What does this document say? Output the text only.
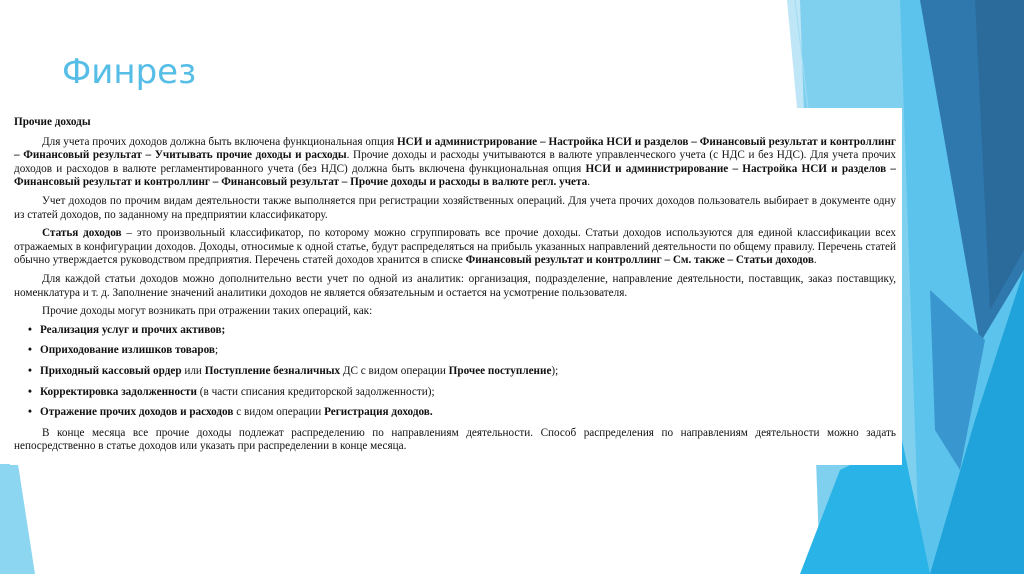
Финрез

Прочие доходы

Для учета прочих доходов должна быть включена функциональная опция НСИ и администрирование – Настройка НСИ и разделов – Финансовый результат и контроллинг – Финансовый результат – Учитывать прочие доходы и расходы. Прочие доходы и расходы учитываются в валюте управленческого учета (с НДС и без НДС). Для учета прочих доходов и расходов в валюте регламентированного учета (без НДС) должна быть включена функциональная опция НСИ и администрирование – Настройка НСИ и разделов – Финансовый результат и контроллинг – Финансовый результат – Прочие доходы и расходы в валюте регл. учета.

Учет доходов по прочим видам деятельности также выполняется при регистрации хозяйственных операций. Для учета прочих доходов пользователь выбирает в документе одну из статей доходов, по заданному на предприятии классификатору.

Статья доходов – это произвольный классификатор, по которому можно сгруппировать все прочие доходы. Статьи доходов используются для единой классификации всех отражаемых в конфигурации доходов. Доходы, относимые к одной статье, будут распределяться на прибыль указанных направлений деятельности по общему правилу. Перечень статей обычно утверждается руководством предприятия. Перечень статей доходов хранится в списке Финансовый результат и контроллинг – См. также – Статьи доходов.

Для каждой статьи доходов можно дополнительно вести учет по одной из аналитик: организация, подразделение, направление деятельности, поставщик, заказ поставщику, номенклатура и т. д. Заполнение значений аналитики доходов не является обязательным и остается на усмотрение пользователя.

Прочие доходы могут возникать при отражении таких операций, как:

• Реализация услуг и прочих активов;
• Оприходование излишков товаров;
• Приходный кассовый ордер или Поступление безналичных ДС с видом операции Прочее поступление);
• Корректировка задолженности (в части списания кредиторской задолженности);
• Отражение прочих доходов и расходов с видом операции Регистрация доходов.

В конце месяца все прочие доходы подлежат распределению по направлениям деятельности. Способ распределения по направлениям деятельности можно задать непосредственно в статье доходов или указать при распределении в конце месяца.
